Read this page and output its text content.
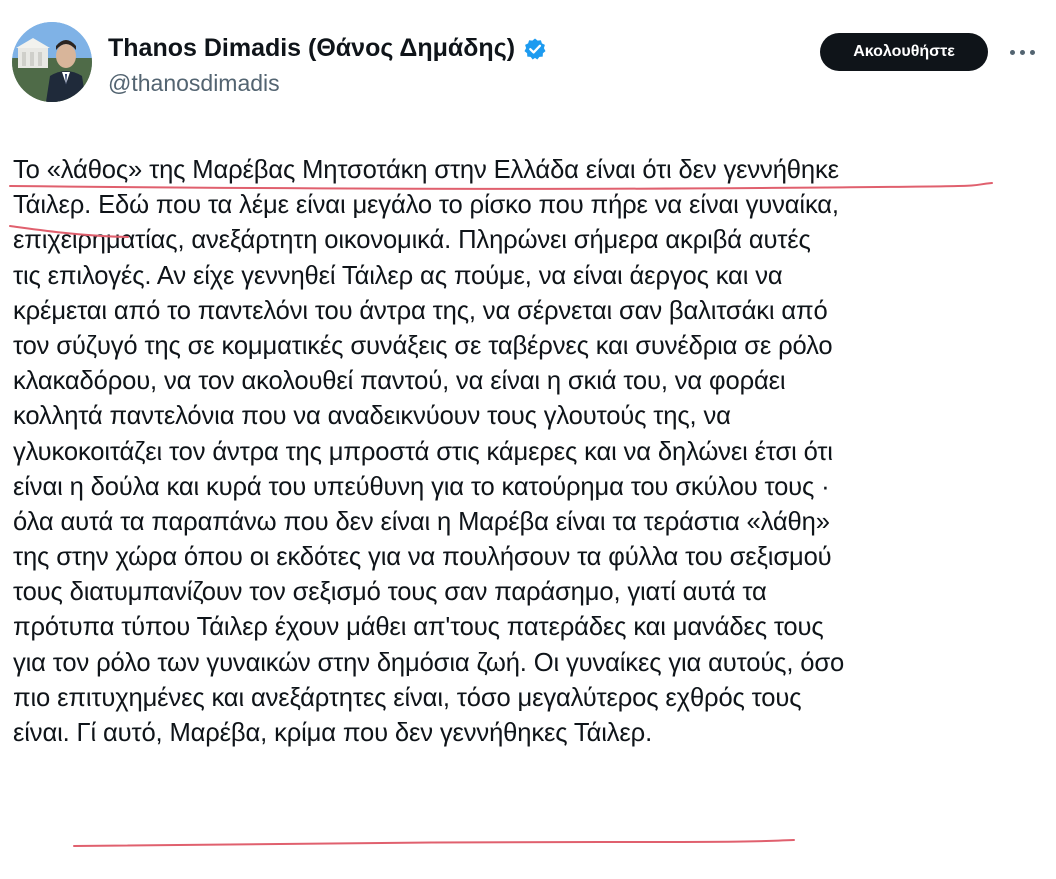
Thanos Dimadis (Θάνος Δημάδης)
@thanosdimadis
Ακολουθήστε
Το «λάθος» της Μαρέβας Μητσοτάκη στην Ελλάδα είναι ότι δεν γεννήθηκε
Τάιλερ. Εδώ που τα λέμε είναι μεγάλο το ρίσκο που πήρε να είναι γυναίκα,
επιχειρηματίας, ανεξάρτητη οικονομικά. Πληρώνει σήμερα ακριβά αυτές
τις επιλογές. Αν είχε γεννηθεί Τάιλερ ας πούμε, να είναι άεργος και να
κρέμεται από το παντελόνι του άντρα της, να σέρνεται σαν βαλιτσάκι από
τον σύζυγό της σε κομματικές συνάξεις σε ταβέρνες και συνέδρια σε ρόλο
κλακαδόρου, να τον ακολουθεί παντού, να είναι η σκιά του, να φοράει
κολλητά παντελόνια που να αναδεικνύουν τους γλουτούς της, να
γλυκοκοιτάζει τον άντρα της μπροστά στις κάμερες και να δηλώνει έτσι ότι
είναι η δούλα και κυρά του υπεύθυνη για το κατούρημα του σκύλου τους ·
όλα αυτά τα παραπάνω που δεν είναι η Μαρέβα είναι τα τεράστια «λάθη»
της στην χώρα όπου οι εκδότες για να πουλήσουν τα φύλλα του σεξισμού
τους διατυμπανίζουν τον σεξισμό τους σαν παράσημο, γιατί αυτά τα
πρότυπα τύπου Τάιλερ έχουν μάθει απ'τους πατεράδες και μανάδες τους
για τον ρόλο των γυναικών στην δημόσια ζωή. Οι γυναίκες για αυτούς, όσο
πιο επιτυχημένες και ανεξάρτητες είναι, τόσο μεγαλύτερος εχθρός τους
είναι. Γί αυτό, Μαρέβα, κρίμα που δεν γεννήθηκες Τάιλερ.
